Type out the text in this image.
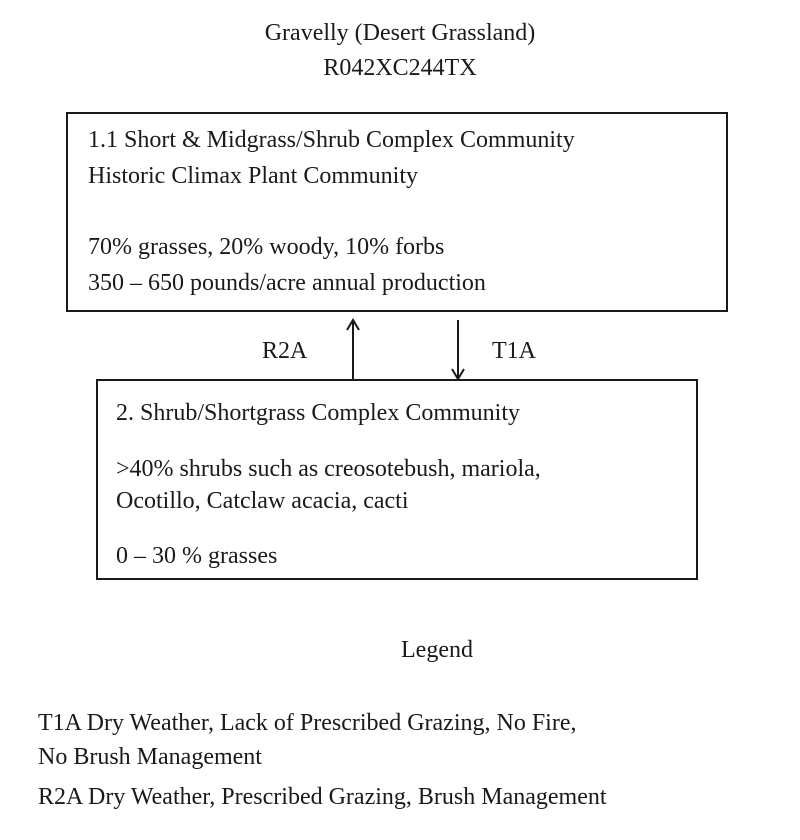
Gravelly (Desert Grassland)
R042XC244TX
1.1 Short & Midgrass/Shrub Complex Community
Historic Climax Plant Community
70% grasses, 20% woody, 10% forbs
350 – 650 pounds/acre annual production
R2A	T1A
2. Shrub/Shortgrass Complex Community
>40% shrubs such as creosotebush, mariola,
Ocotillo, Catclaw acacia, cacti
0 – 30 % grasses
Legend
T1A Dry Weather, Lack of Prescribed Grazing, No Fire,
No Brush Management
R2A Dry Weather, Prescribed Grazing, Brush Management
